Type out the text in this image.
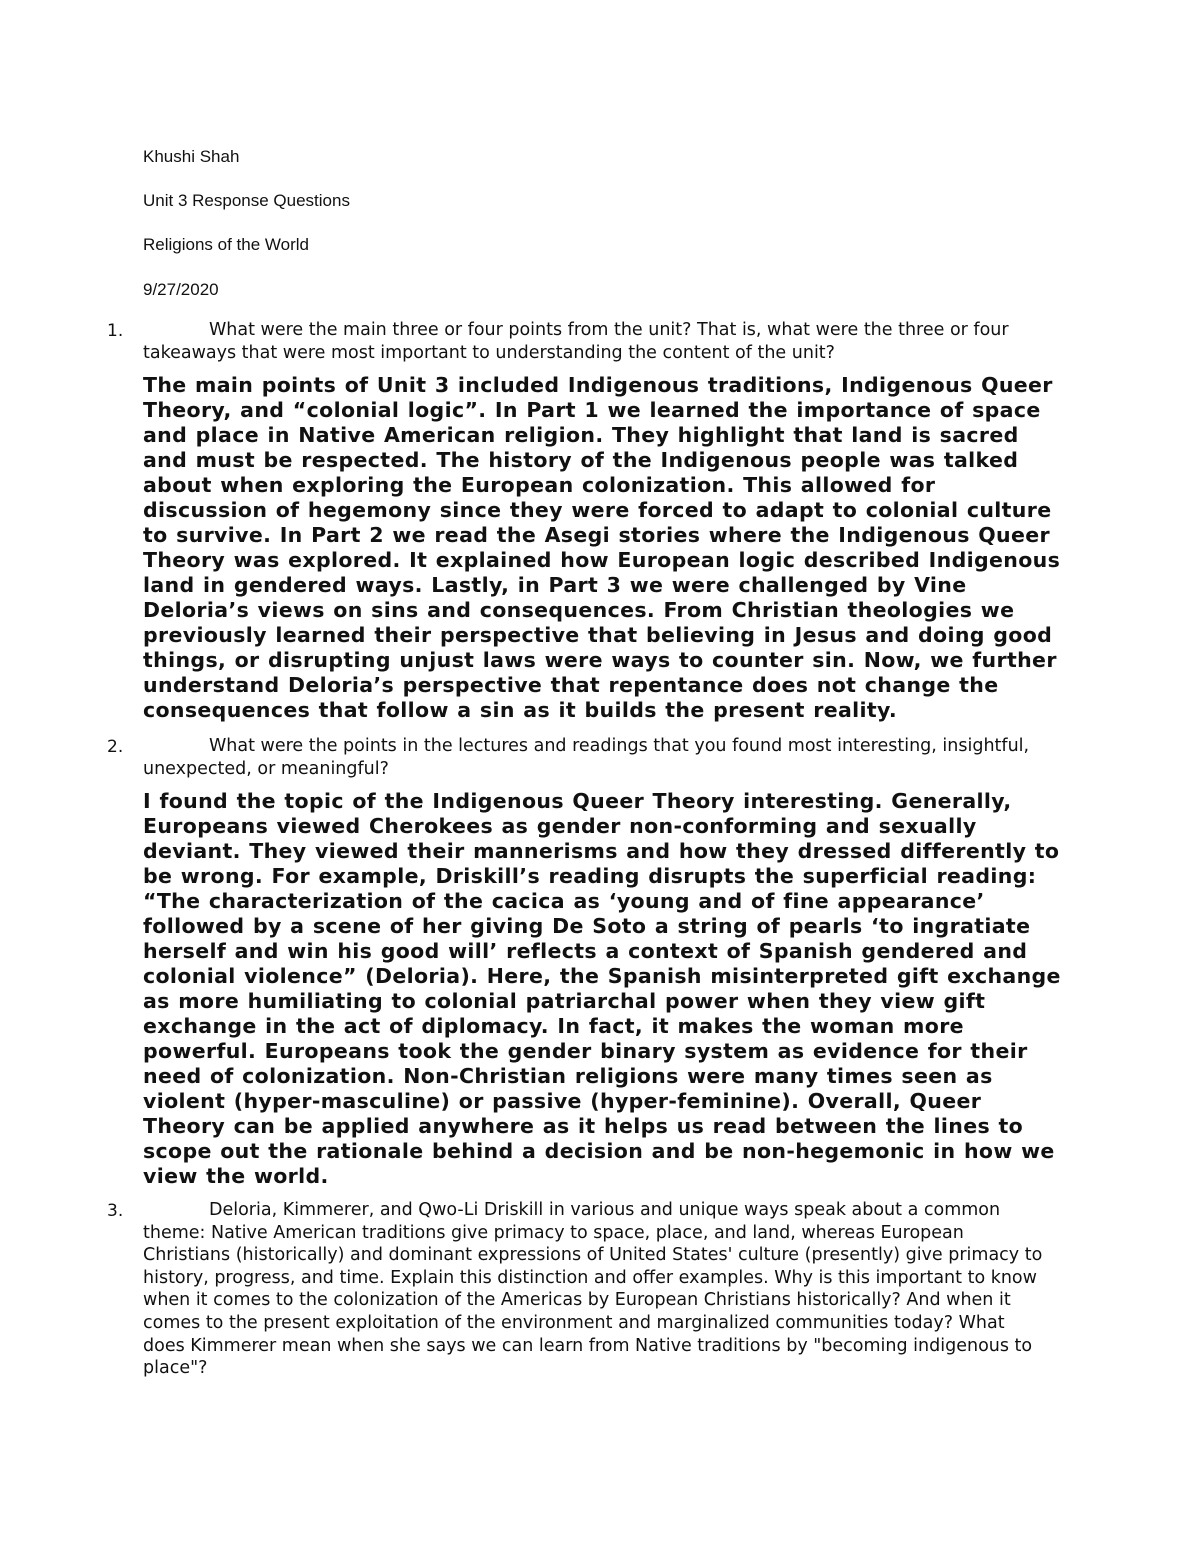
Khushi Shah
Unit 3 Response Questions
Religions of the World
9/27/2020
1.	What were the main three or four points from the unit? That is, what were the three or four takeaways that were most important to understanding the content of the unit?
The main points of Unit 3 included Indigenous traditions, Indigenous Queer Theory, and “colonial logic”. In Part 1 we learned the importance of space and place in Native American religion. They highlight that land is sacred and must be respected. The history of the Indigenous people was talked about when exploring the European colonization. This allowed for discussion of hegemony since they were forced to adapt to colonial culture to survive. In Part 2 we read the Asegi stories where the Indigenous Queer Theory was explored. It explained how European logic described Indigenous land in gendered ways. Lastly, in Part 3 we were challenged by Vine Deloria’s views on sins and consequences. From Christian theologies we previously learned their perspective that believing in Jesus and doing good things, or disrupting unjust laws were ways to counter sin. Now, we further understand Deloria’s perspective that repentance does not change the consequences that follow a sin as it builds the present reality.
2.	What were the points in the lectures and readings that you found most interesting, insightful, unexpected, or meaningful?
I found the topic of the Indigenous Queer Theory interesting. Generally, Europeans viewed Cherokees as gender non-conforming and sexually deviant. They viewed their mannerisms and how they dressed differently to be wrong. For example, Driskill’s reading disrupts the superficial reading: “The characterization of the cacica as ‘young and of fine appearance’ followed by a scene of her giving De Soto a string of pearls ‘to ingratiate herself and win his good will’ reflects a context of Spanish gendered and colonial violence” (Deloria). Here, the Spanish misinterpreted gift exchange as more humiliating to colonial patriarchal power when they view gift exchange in the act of diplomacy. In fact, it makes the woman more powerful. Europeans took the gender binary system as evidence for their need of colonization. Non-Christian religions were many times seen as violent (hyper-masculine) or passive (hyper-feminine). Overall, Queer Theory can be applied anywhere as it helps us read between the lines to scope out the rationale behind a decision and be non-hegemonic in how we view the world.
3.	Deloria, Kimmerer, and Qwo-Li Driskill in various and unique ways speak about a common theme: Native American traditions give primacy to space, place, and land, whereas European Christians (historically) and dominant expressions of United States' culture (presently) give primacy to history, progress, and time. Explain this distinction and offer examples. Why is this important to know when it comes to the colonization of the Americas by European Christians historically? And when it comes to the present exploitation of the environment and marginalized communities today? What does Kimmerer mean when she says we can learn from Native traditions by "becoming indigenous to place"?
